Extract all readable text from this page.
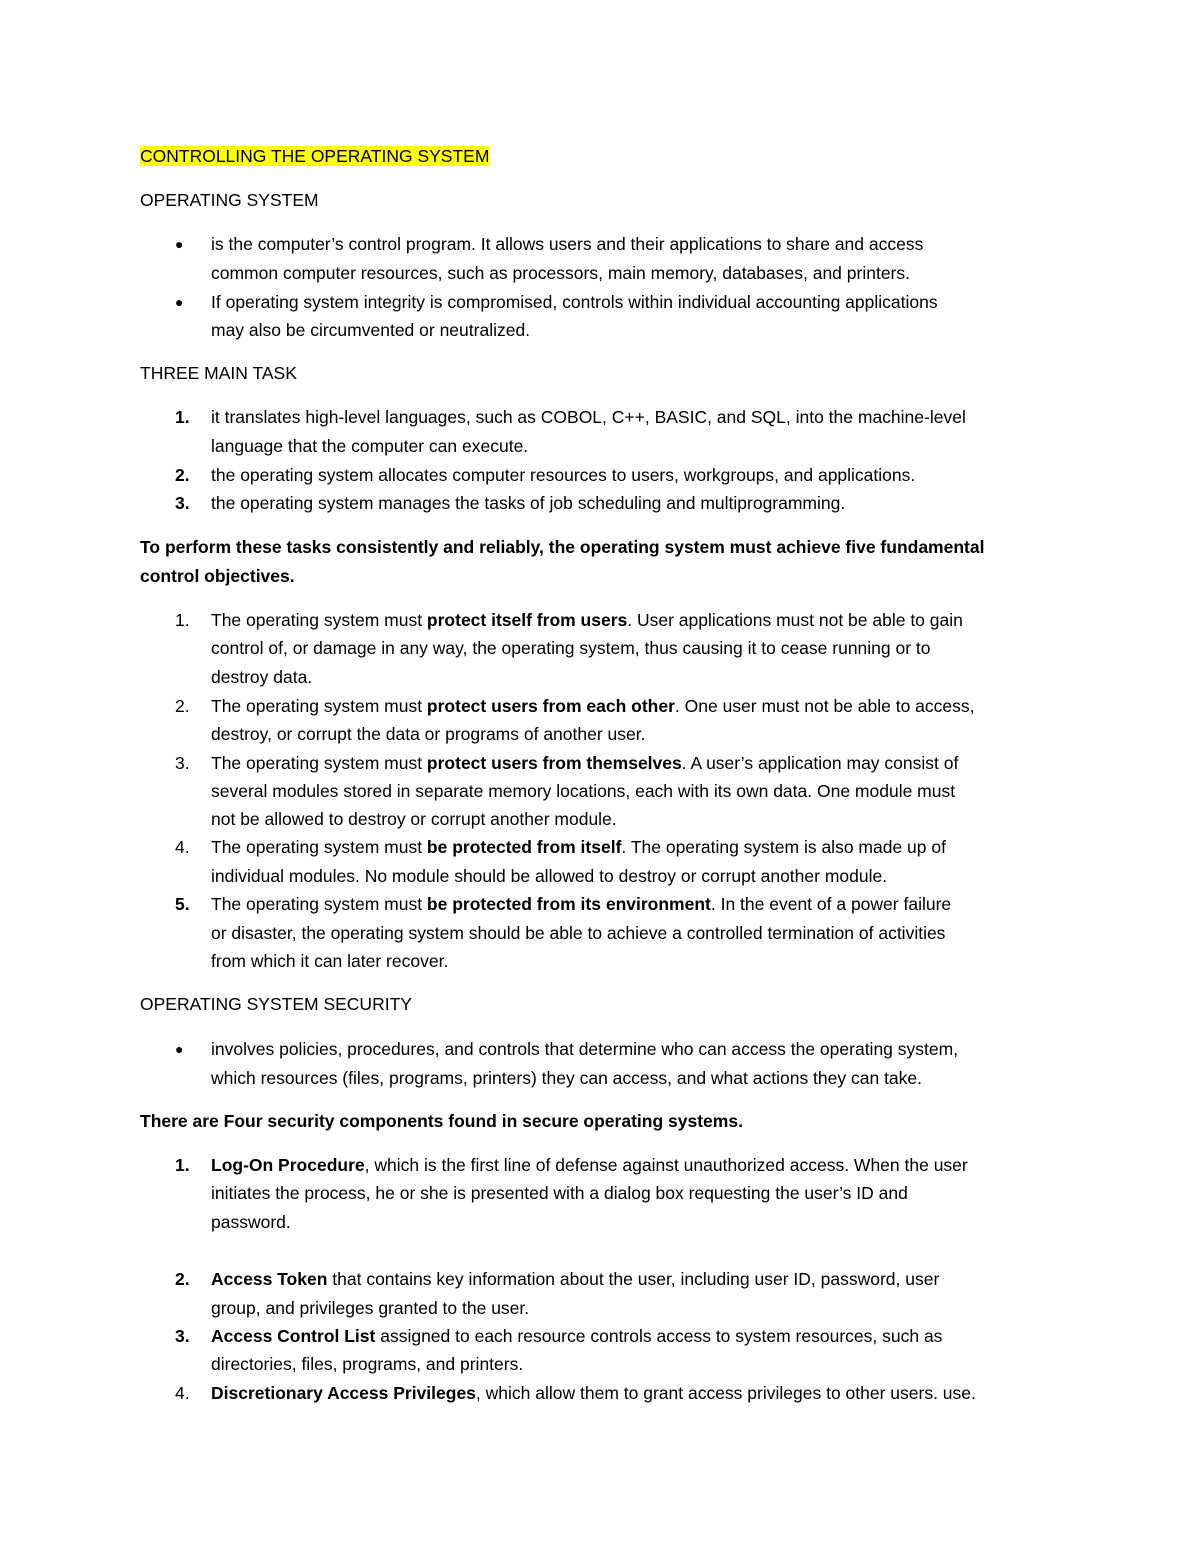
CONTROLLING THE OPERATING SYSTEM
OPERATING SYSTEM
● is the computer’s control program. It allows users and their applications to share and access
common computer resources, such as processors, main memory, databases, and printers.
● If operating system integrity is compromised, controls within individual accounting applications
may also be circumvented or neutralized.
THREE MAIN TASK
1. it translates high-level languages, such as COBOL, C++, BASIC, and SQL, into the machine-level
language that the computer can execute.
2. the operating system allocates computer resources to users, workgroups, and applications.
3. the operating system manages the tasks of job scheduling and multiprogramming.
To perform these tasks consistently and reliably, the operating system must achieve five fundamental
control objectives.
1. The operating system must protect itself from users. User applications must not be able to gain
control of, or damage in any way, the operating system, thus causing it to cease running or to
destroy data.
2. The operating system must protect users from each other. One user must not be able to access,
destroy, or corrupt the data or programs of another user.
3. The operating system must protect users from themselves. A user’s application may consist of
several modules stored in separate memory locations, each with its own data. One module must
not be allowed to destroy or corrupt another module.
4. The operating system must be protected from itself. The operating system is also made up of
individual modules. No module should be allowed to destroy or corrupt another module.
5. The operating system must be protected from its environment. In the event of a power failure
or disaster, the operating system should be able to achieve a controlled termination of activities
from which it can later recover.
OPERATING SYSTEM SECURITY
● involves policies, procedures, and controls that determine who can access the operating system,
which resources (files, programs, printers) they can access, and what actions they can take.
There are Four security components found in secure operating systems.
1. Log-On Procedure, which is the first line of defense against unauthorized access. When the user
initiates the process, he or she is presented with a dialog box requesting the user’s ID and
password.
2. Access Token that contains key information about the user, including user ID, password, user
group, and privileges granted to the user.
3. Access Control List assigned to each resource controls access to system resources, such as
directories, files, programs, and printers.
4. Discretionary Access Privileges, which allow them to grant access privileges to other users. use.
